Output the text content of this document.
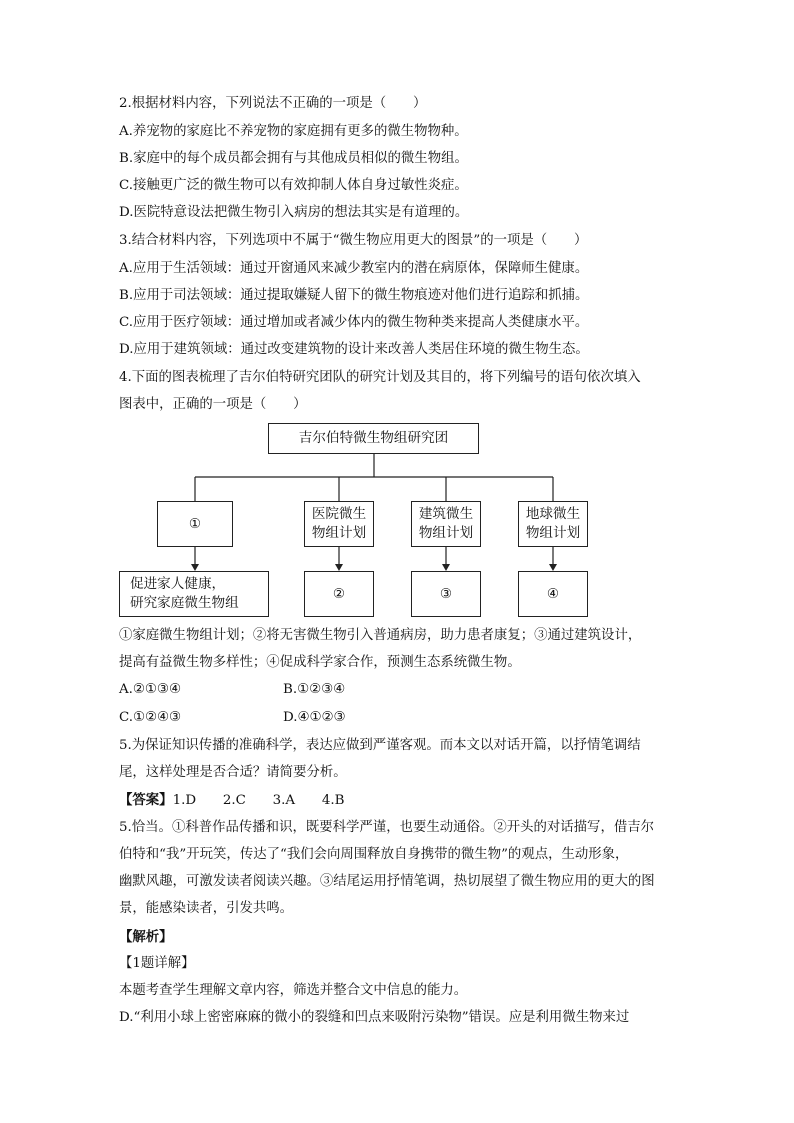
2.根据材料内容，下列说法不正确的一项是（　　）
A.养宠物的家庭比不养宠物的家庭拥有更多的微生物物种。
B.家庭中的每个成员都会拥有与其他成员相似的微生物组。
C.接触更广泛的微生物可以有效抑制人体自身过敏性炎症。
D.医院特意设法把微生物引入病房的想法其实是有道理的。
3.结合材料内容，下列选项中不属于“微生物应用更大的图景”的一项是（　　）
A.应用于生活领域：通过开窗通风来减少教室内的潜在病原体，保障师生健康。
B.应用于司法领域：通过提取嫌疑人留下的微生物痕迹对他们进行追踪和抓捕。
C.应用于医疗领域：通过增加或者减少体内的微生物种类来提高人类健康水平。
D.应用于建筑领域：通过改变建筑物的设计来改善人类居住环境的微生物生态。
4.下面的图表梳理了吉尔伯特研究团队的研究计划及其目的，将下列编号的语句依次填入
图表中，正确的一项是（　　）
吉尔伯特微生物组研究团
①
医院微生
物组计划
建筑微生
物组计划
地球微生
物组计划
促进家人健康，
研究家庭微生物组
②	③	④
①家庭微生物组计划；②将无害微生物引入普通病房，助力患者康复；③通过建筑设计，
提高有益微生物多样性；④促成科学家合作，预测生态系统微生物。
A.②①③④	B.①②③④
C.①②④③	D.④①②③
5.为保证知识传播的准确科学，表达应做到严谨客观。而本文以对话开篇，以抒情笔调结
尾，这样处理是否合适？请简要分析。
【答案】1.D　　2.C　　3.A　　4.B
5.恰当。①科普作品传播和识，既要科学严谨，也要生动通俗。②开头的对话描写，借吉尔
伯特和“我”开玩笑，传达了“我们会向周围释放自身携带的微生物”的观点，生动形象，
幽默风趣，可激发读者阅读兴趣。③结尾运用抒情笔调，热切展望了微生物应用的更大的图
景，能感染读者，引发共鸣。
【解析】
【1题详解】
本题考查学生理解文章内容，筛选并整合文中信息的能力。
D.“利用小球上密密麻麻的微小的裂缝和凹点来吸附污染物”错误。应是利用微生物来过
